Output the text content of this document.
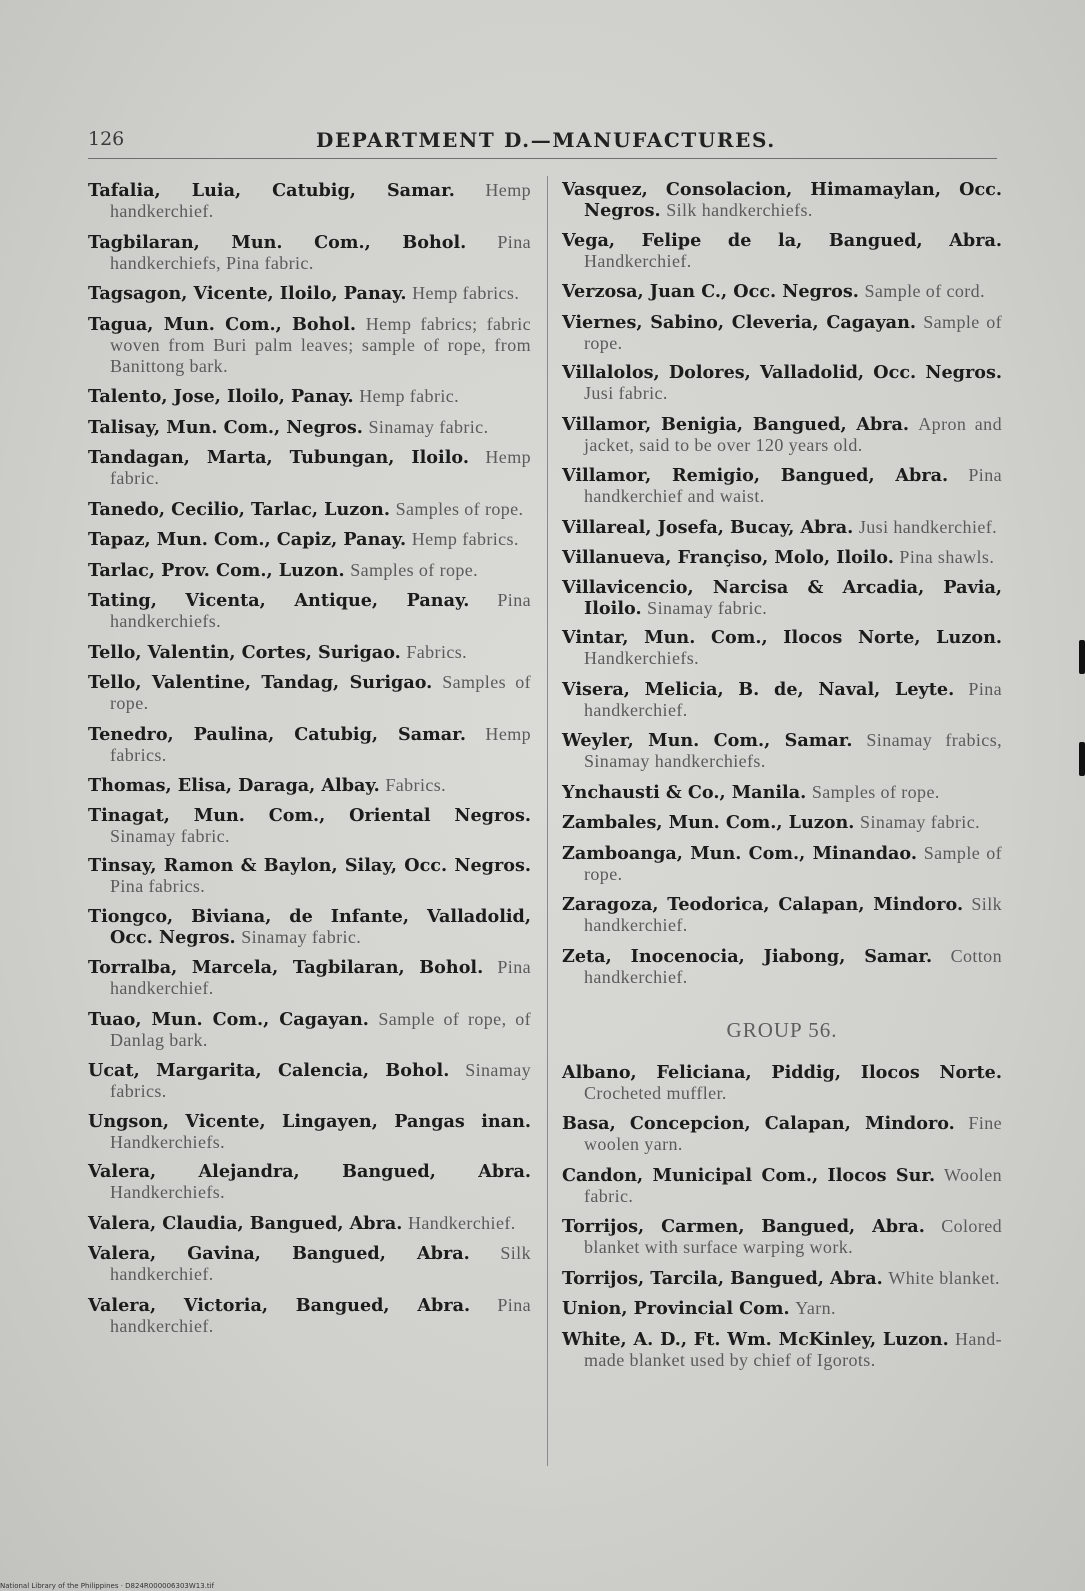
126	DEPARTMENT D.—MANUFACTURES.
Tafalia, Luia, Catubig, Samar. Hemp handkerchief.
Tagbilaran, Mun. Com., Bohol. Pina handkerchiefs, Pina fabric.
Tagsagon, Vicente, Iloilo, Panay. Hemp fabrics.
Tagua, Mun. Com., Bohol. Hemp fabrics; fabric woven from Buri palm leaves; sample of rope, from Banittong bark.
Talento, Jose, Iloilo, Panay. Hemp fabric.
Talisay, Mun. Com., Negros. Sinamay fabric.
Tandagan, Marta, Tubungan, Iloilo. Hemp fabric.
Tanedo, Cecilio, Tarlac, Luzon. Samples of rope.
Tapaz, Mun. Com., Capiz, Panay. Hemp fabrics.
Tarlac, Prov. Com., Luzon. Samples of rope.
Tating, Vicenta, Antique, Panay. Pina handkerchiefs.
Tello, Valentin, Cortes, Surigao. Fabrics.
Tello, Valentine, Tandag, Surigao. Samples of rope.
Tenedro, Paulina, Catubig, Samar. Hemp fabrics.
Thomas, Elisa, Daraga, Albay. Fabrics.
Tinagat, Mun. Com., Oriental Negros. Sinamay fabric.
Tinsay, Ramon & Baylon, Silay, Occ. Negros. Pina fabrics.
Tiongco, Biviana, de Infante, Valladolid, Occ. Negros. Sinamay fabric.
Torralba, Marcela, Tagbilaran, Bohol. Pina handkerchief.
Tuao, Mun. Com., Cagayan. Sample of rope, of Danlag bark.
Ucat, Margarita, Calencia, Bohol. Sinamay fabrics.
Ungson, Vicente, Lingayen, Pangas inan. Handkerchiefs.
Valera, Alejandra, Bangued, Abra. Handkerchiefs.
Valera, Claudia, Bangued, Abra. Handkerchief.
Valera, Gavina, Bangued, Abra. Silk handkerchief.
Valera, Victoria, Bangued, Abra. Pina handkerchief.
Vasquez, Consolacion, Himamaylan, Occ. Negros. Silk handkerchiefs.
Vega, Felipe de la, Bangued, Abra. Handkerchief.
Verzosa, Juan C., Occ. Negros. Sample of cord.
Viernes, Sabino, Cleveria, Cagayan. Sample of rope.
Villalolos, Dolores, Valladolid, Occ. Negros. Jusi fabric.
Villamor, Benigia, Bangued, Abra. Apron and jacket, said to be over 120 years old.
Villamor, Remigio, Bangued, Abra. Pina handkerchief and waist.
Villareal, Josefa, Bucay, Abra. Jusi handkerchief.
Villanueva, Françiso, Molo, Iloilo. Pina shawls.
Villavicencio, Narcisa & Arcadia, Pavia, Iloilo. Sinamay fabric.
Vintar, Mun. Com., Ilocos Norte, Luzon. Handkerchiefs.
Visera, Melicia, B. de, Naval, Leyte. Pina handkerchief.
Weyler, Mun. Com., Samar. Sinamay frabics, Sinamay handkerchiefs.
Ynchausti & Co., Manila. Samples of rope.
Zambales, Mun. Com., Luzon. Sinamay fabric.
Zamboanga, Mun. Com., Minandao. Sample of rope.
Zaragoza, Teodorica, Calapan, Mindoro. Silk handkerchief.
Zeta, Inocenocia, Jiabong, Samar. Cotton handkerchief.
GROUP 56.
Albano, Feliciana, Piddig, Ilocos Norte. Crocheted muffler.
Basa, Concepcion, Calapan, Mindoro. Fine woolen yarn.
Candon, Municipal Com., Ilocos Sur. Woolen fabric.
Torrijos, Carmen, Bangued, Abra. Colored blanket with surface warping work.
Torrijos, Tarcila, Bangued, Abra. White blanket.
Union, Provincial Com. Yarn.
White, A. D., Ft. Wm. McKinley, Luzon. Hand-made blanket used by chief of Igorots.
National Library of the Philippines · D824R000006303W13.tif
